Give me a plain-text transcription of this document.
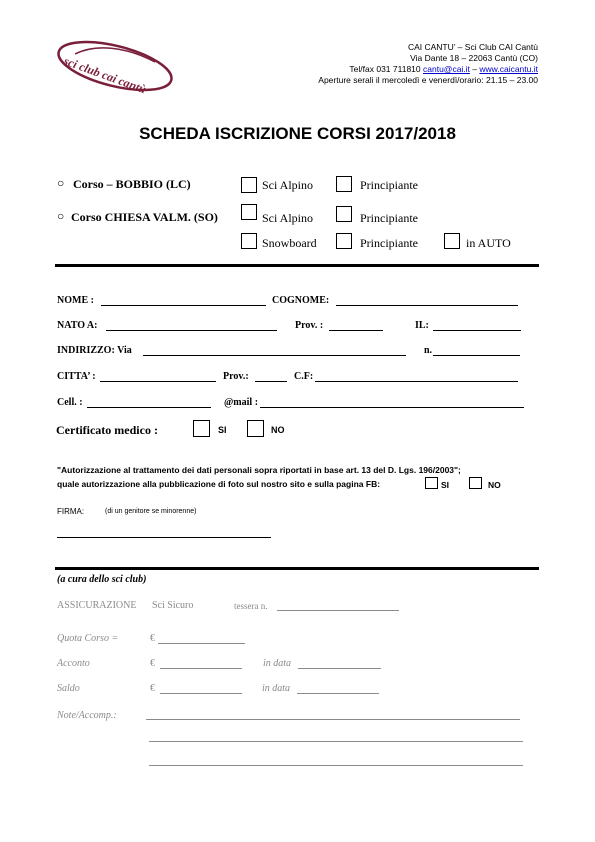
sci club cai cantù
CAI CANTU’ – Sci Club CAI Cantù
Via Dante 18 – 22063 Cantù (CO)
Tel/fax 031 711810 cantu@cai.it – www.caicantu.it
Aperture serali il mercoledì e venerdì/orario: 21.15 – 23.00
SCHEDA ISCRIZIONE CORSI 2017/2018
○ Corso – BOBBIO (LC)	Sci Alpino	Principiante
○ Corso CHIESA VALM. (SO)	Sci Alpino	Principiante
Snowboard	Principiante	in AUTO
NOME :	COGNOME:
NATO A:	Prov. :	IL:
INDIRIZZO: Via	n.
CITTA’ :	Prov.:	C.F:
Cell. :	@mail :
Certificato medico :	SI	NO
"Autorizzazione al trattamento dei dati personali sopra riportati in base art. 13 del D. Lgs. 196/2003";
quale autorizzazione alla pubblicazione di foto sul nostro sito e sulla pagina FB:	SI	NO
FIRMA:	(di un genitore se minorenne)
(a cura dello sci club)
ASSICURAZIONE Sci Sicuro	tessera n.
Quota Corso =	€
Acconto	€	in data
Saldo	€	in data
Note/Accomp.:
